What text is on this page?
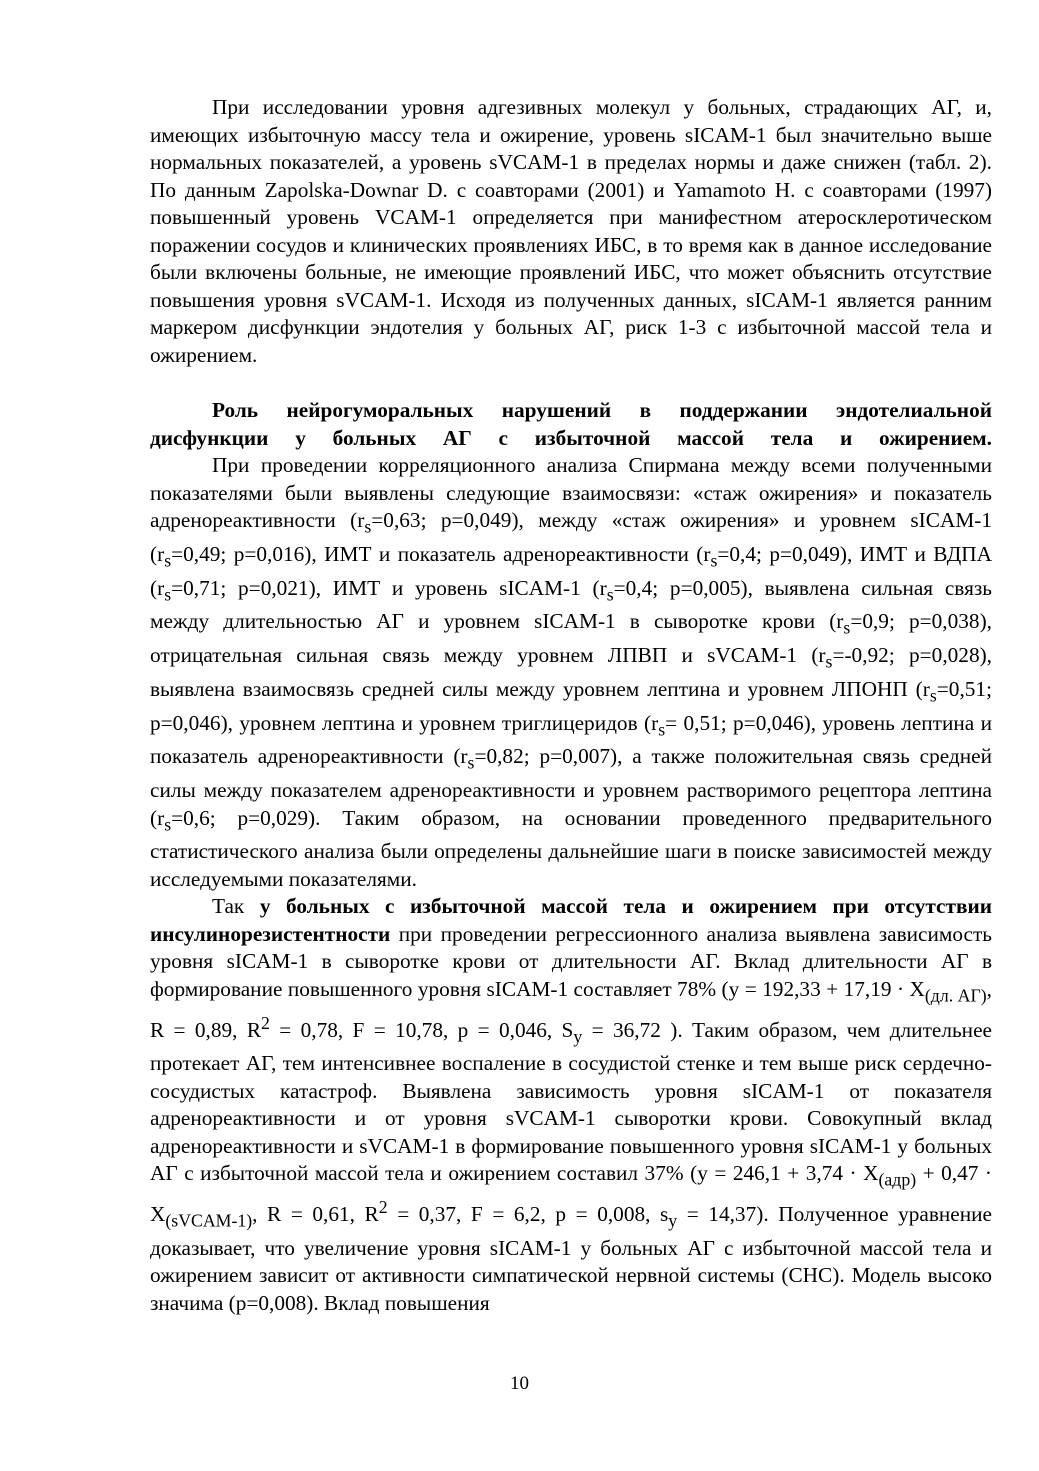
При исследовании уровня адгезивных молекул у больных, страдающих АГ, и, имеющих избыточную массу тела и ожирение, уровень sICAM-1 был значительно выше нормальных показателей, а уровень sVCAM-1 в пределах нормы и даже снижен (табл. 2). По данным Zapolska-Downar D. с соавторами (2001) и Yamamoto H. с соавторами (1997) повышенный уровень VCAM-1 определяется при манифестном атеросклеротическом поражении сосудов и клинических проявлениях ИБС, в то время как в данное исследование были включены больные, не имеющие проявлений ИБС, что может объяснить отсутствие повышения уровня sVCAM-1. Исходя из полученных данных, sICAM-1 является ранним маркером дисфункции эндотелия у больных АГ, риск 1-3 с избыточной массой тела и ожирением.

Роль нейрогуморальных нарушений в поддержании эндотелиальной дисфункции у больных АГ с избыточной массой тела и ожирением.

При проведении корреляционного анализа Спирмана между всеми полученными показателями были выявлены следующие взаимосвязи: «стаж ожирения» и показатель адренореактивности ($r_s=0,63$; p=0,049), между «стаж ожирения» и уровнем sICAM-1 ($r_s=0,49$; p=0,016), ИМТ и показатель адренореактивности ($r_s=0,4$; p=0,049), ИМТ и ВДПА ($r_s=0,71$; p=0,021), ИМТ и уровень sICAM-1 ($r_s=0,4$; p=0,005), выявлена сильная связь между длительностью АГ и уровнем sICAM-1 в сыворотке крови ($r_s=0,9$; p=0,038), отрицательная сильная связь между уровнем ЛПВП и sVCAM-1 ($r_s=-0,92$; p=0,028), выявлена взаимосвязь средней силы между уровнем лептина и уровнем ЛПОНП ($r_s=0,51$; p=0,046), уровнем лептина и уровнем триглицеридов ($r_s= 0,51$; p=0,046), уровень лептина и показатель адренореактивности ($r_s=0,82$; p=0,007), а также положительная связь средней силы между показателем адренореактивности и уровнем растворимого рецептора лептина ($r_s=0,6$; p=0,029). Таким образом, на основании проведенного предварительного статистического анализа были определены дальнейшие шаги в поиске зависимостей между исследуемыми показателями.

Так у больных с избыточной массой тела и ожирением при отсутствии инсулинорезистентности при проведении регрессионного анализа выявлена зависимость уровня sICAM-1 в сыворотке крови от длительности АГ. Вклад длительности АГ в формирование повышенного уровня sICAM-1 составляет 78% ($y = 192,33 + 17,19 \cdot X_{(дл. АГ)}$, R = 0,89, $R^2 = 0,78$, F = 10,78, p = 0,046, $S_y = 36,72$ ). Таким образом, чем длительнее протекает АГ, тем интенсивнее воспаление в сосудистой стенке и тем выше риск сердечно-сосудистых катастроф. Выявлена зависимость уровня sICAM-1 от показателя адренореактивности и от уровня sVCAM-1 сыворотки крови. Совокупный вклад адренореактивности и sVCAM-1 в формирование повышенного уровня sICAM-1 у больных АГ с избыточной массой тела и ожирением составил 37% ($y = 246,1 + 3,74 \cdot X_{(адр)} + 0,47 \cdot X_{(sVCAM-1)}$, R = 0,61, $R^2 = 0,37$, F = 6,2, p = 0,008, $s_y = 14,37$). Полученное уравнение доказывает, что увеличение уровня sICAM-1 у больных АГ с избыточной массой тела и ожирением зависит от активности симпатической нервной системы (СНС). Модель высоко значима (p=0,008). Вклад повышения

10
